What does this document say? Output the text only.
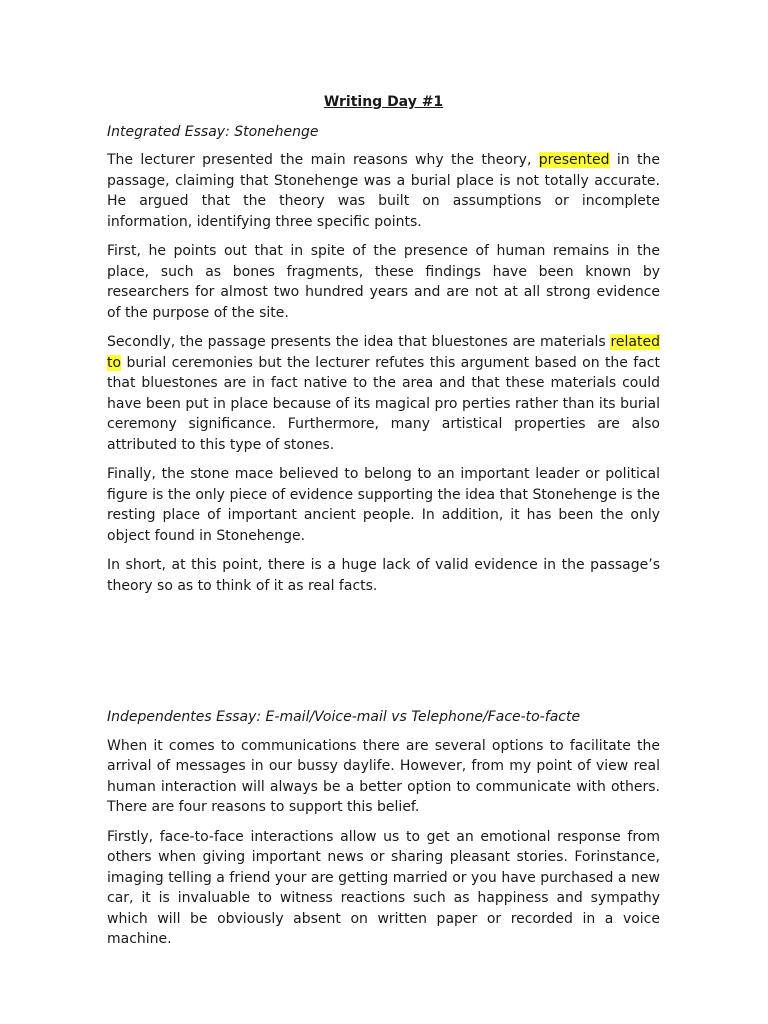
Writing Day #1
Integrated Essay: Stonehenge

The lecturer presented the main reasons why the theory, presented in the passage, claiming that Stonehenge was a burial place is not totally accurate. He argued that the theory was built on assumptions or incomplete information, identifying three specific points.

First, he points out that in spite of the presence of human remains in the place, such as bones fragments, these findings have been known by researchers for almost two hundred years and are not at all strong evidence of the purpose of the site.

Secondly, the passage presents the idea that bluestones are materials related to burial ceremonies but the lecturer refutes this argument based on the fact that bluestones are in fact native to the area and that these materials could have been put in place because of its magical pro perties rather than its burial ceremony significance. Furthermore, many artistical properties are also attributed to this type of stones.

Finally, the stone mace believed to belong to an important leader or political figure is the only piece of evidence supporting the idea that Stonehenge is the resting place of important ancient people. In addition, it has been the only object found in Stonehenge.

In short, at this point, there is a huge lack of valid evidence in the passage’s theory so as to think of it as real facts.

Independentes Essay: E-mail/Voice-mail vs Telephone/Face-to-facte

When it comes to communications there are several options to facilitate the arrival of messages in our bussy daylife. However, from my point of view real human interaction will always be a better option to communicate with others. There are four reasons to support this belief.

Firstly, face-to-face interactions allow us to get an emotional response from others when giving important news or sharing pleasant stories. Forinstance, imaging telling a friend your are getting married or you have purchased a new car, it is invaluable to witness reactions such as happiness and sympathy which will be obviously absent on written paper or recorded in a voice machine.
